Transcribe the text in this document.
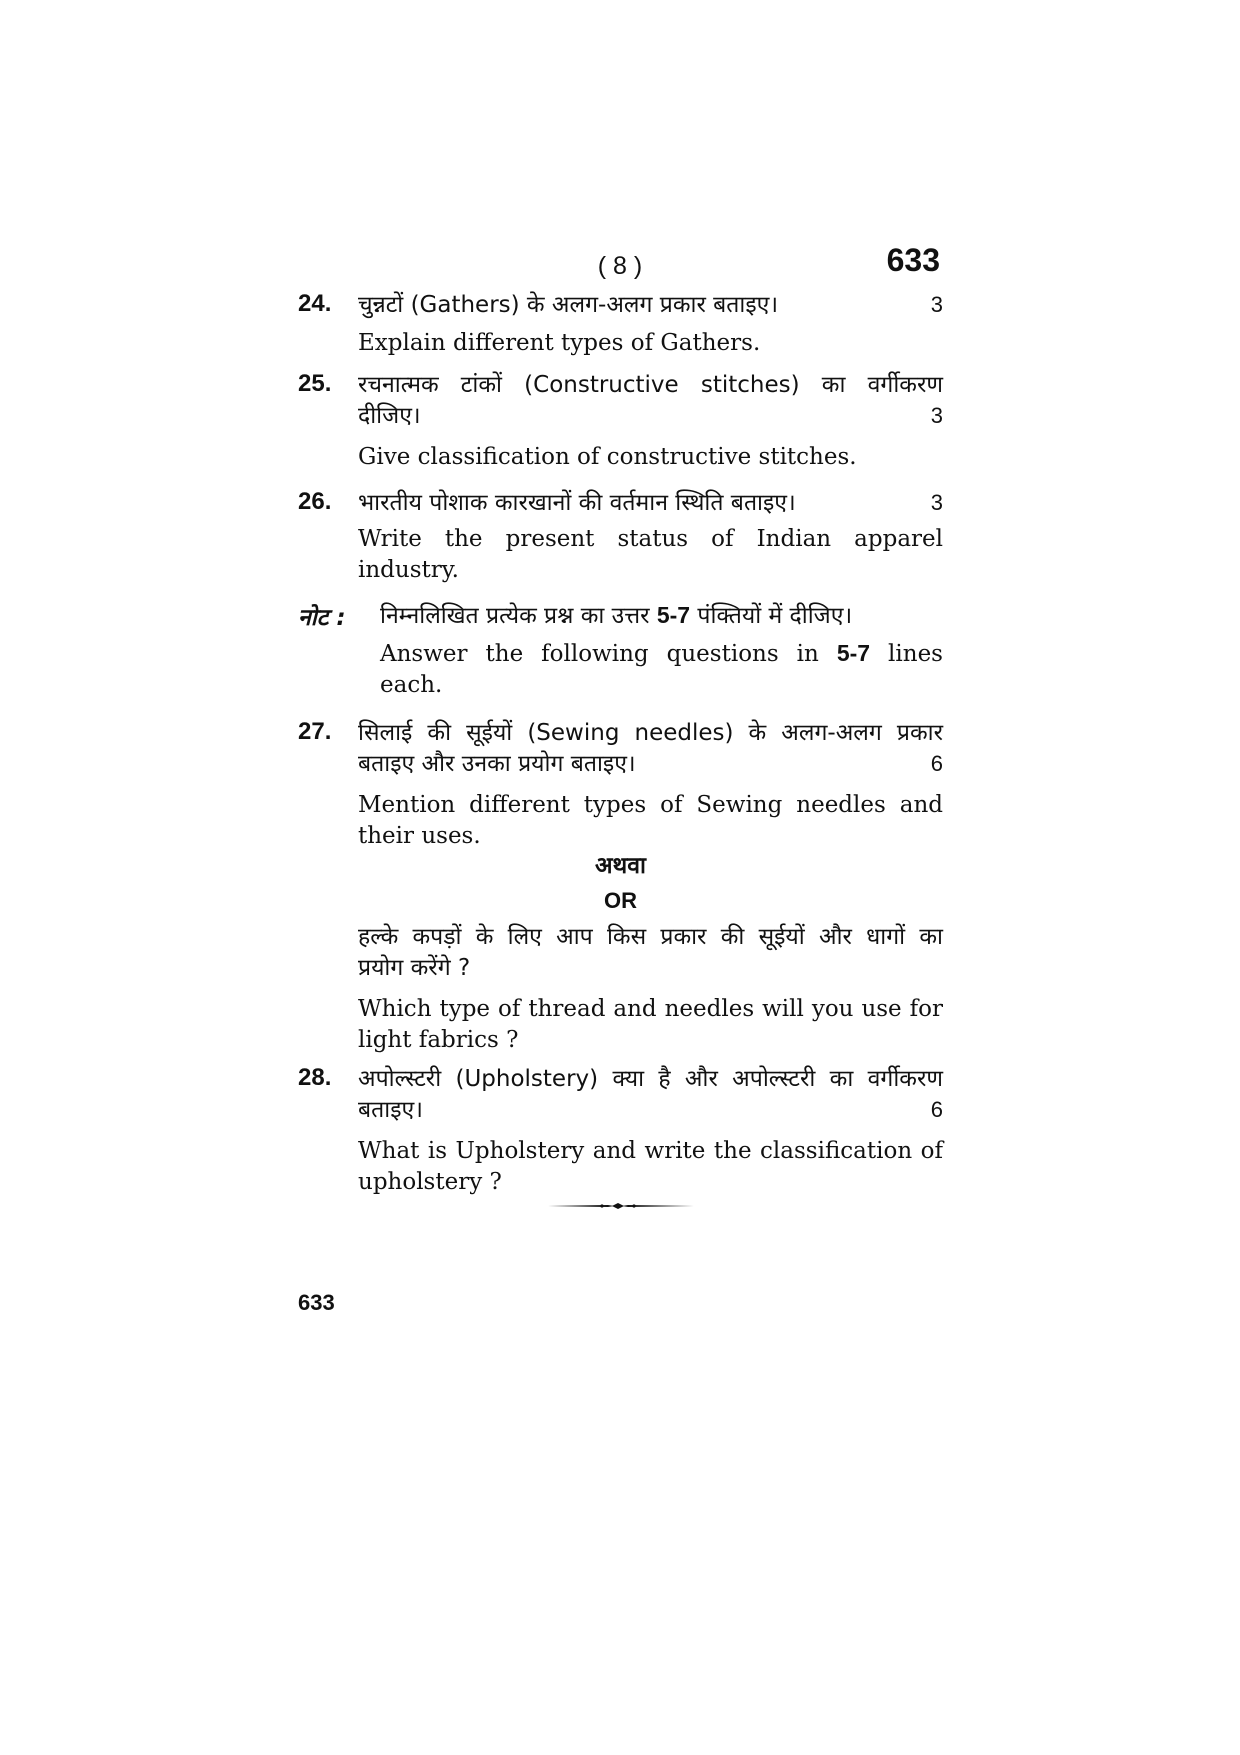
( 8 )	633
24. चुन्नटों (Gathers) के अलग-अलग प्रकार बताइए।	3
Explain different types of Gathers.
25. रचनात्मक टांकों (Constructive stitches) का वर्गीकरण
दीजिए।	3
Give classification of constructive stitches.
26. भारतीय पोशाक कारखानों की वर्तमान स्थिति बताइए।	3
Write the present status of Indian apparel industry.
नोट : निम्नलिखित प्रत्येक प्रश्न का उत्तर 5-7 पंक्तियों में दीजिए।
Answer the following questions in 5-7 lines each.
27. सिलाई की सूईयों (Sewing needles) के अलग-अलग प्रकार
बताइए और उनका प्रयोग बताइए।	6
Mention different types of Sewing needles and their uses.
अथवा
OR
हल्के कपड़ों के लिए आप किस प्रकार की सूईयों और धागों का
प्रयोग करेंगे ?
Which type of thread and needles will you use for light fabrics ?
28. अपोल्स्टरी (Upholstery) क्या है और अपोल्स्टरी का वर्गीकरण
बताइए।	6
What is Upholstery and write the classification of upholstery ?
633
